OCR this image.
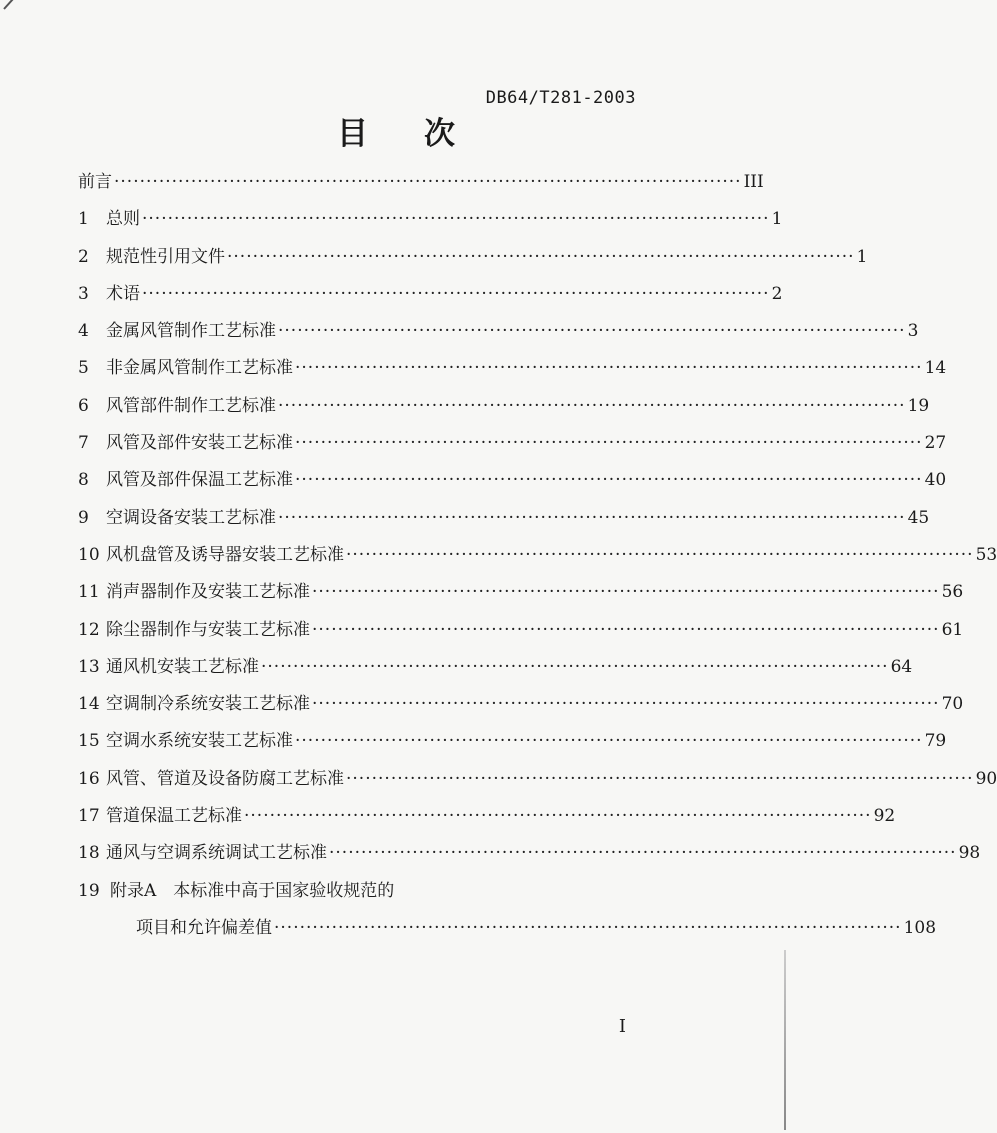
DB64/T281-2003
目次
前言 ·································································································· III
1	总则 ·································································································· 1
2	规范性引用文件 ·································································································· 1
3	术语 ·································································································· 2
4	金属风管制作工艺标准 ·································································································· 3
5	非金属风管制作工艺标准 ·································································································· 14
6	风管部件制作工艺标准 ·································································································· 19
7	风管及部件安装工艺标准 ·································································································· 27
8	风管及部件保温工艺标准 ·································································································· 40
9	空调设备安装工艺标准 ·································································································· 45
10 风机盘管及诱导器安装工艺标准 ·································································································· 53
11 消声器制作及安装工艺标准 ·································································································· 56
12 除尘器制作与安装工艺标准 ·································································································· 61
13 通风机安装工艺标准 ·································································································· 64
14 空调制冷系统安装工艺标准 ·································································································· 70
15 空调水系统安装工艺标准 ·································································································· 79
16 风管、管道及设备防腐工艺标准 ·································································································· 90
17 管道保温工艺标准 ·································································································· 92
18 通风与空调系统调试工艺标准 ·································································································· 98
19 附录A　本标准中高于国家验收规范的
项目和允许偏差值 ·································································································· 108
I
